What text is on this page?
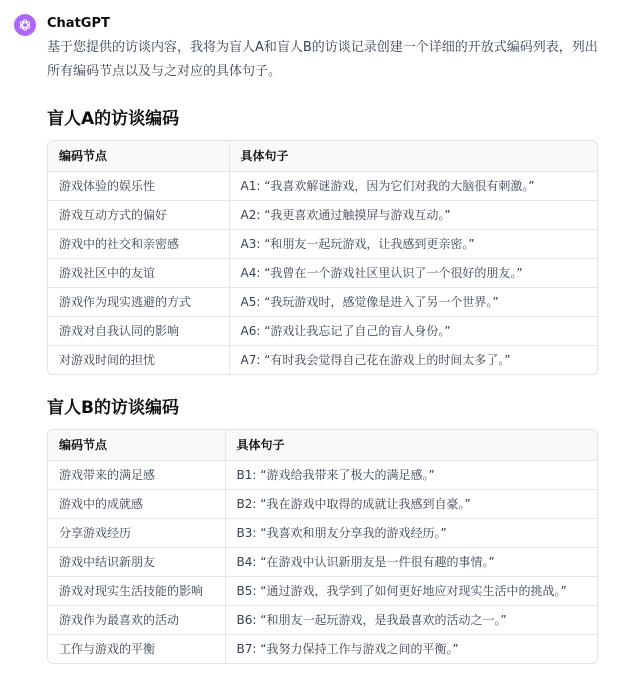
ChatGPT
基于您提供的访谈内容，我将为盲人A和盲人B的访谈记录创建一个详细的开放式编码列表，列出所有编码节点以及与之对应的具体句子。
盲人A的访谈编码
编码节点	具体句子
游戏体验的娱乐性	A1: “我喜欢解谜游戏，因为它们对我的大脑很有刺激。”
游戏互动方式的偏好	A2: “我更喜欢通过触摸屏与游戏互动。”
游戏中的社交和亲密感	A3: “和朋友一起玩游戏，让我感到更亲密。”
游戏社区中的友谊	A4: “我曾在一个游戏社区里认识了一个很好的朋友。”
游戏作为现实逃避的方式	A5: “我玩游戏时，感觉像是进入了另一个世界。”
游戏对自我认同的影响	A6: “游戏让我忘记了自己的盲人身份。”
对游戏时间的担忧	A7: “有时我会觉得自己花在游戏上的时间太多了。”
盲人B的访谈编码
编码节点	具体句子
游戏带来的满足感	B1: “游戏给我带来了极大的满足感。”
游戏中的成就感	B2: “我在游戏中取得的成就让我感到自豪。”
分享游戏经历	B3: “我喜欢和朋友分享我的游戏经历。”
游戏中结识新朋友	B4: “在游戏中认识新朋友是一件很有趣的事情。”
游戏对现实生活技能的影响	B5: “通过游戏，我学到了如何更好地应对现实生活中的挑战。”
游戏作为最喜欢的活动	B6: “和朋友一起玩游戏，是我最喜欢的活动之一。”
工作与游戏的平衡	B7: “我努力保持工作与游戏之间的平衡。”
